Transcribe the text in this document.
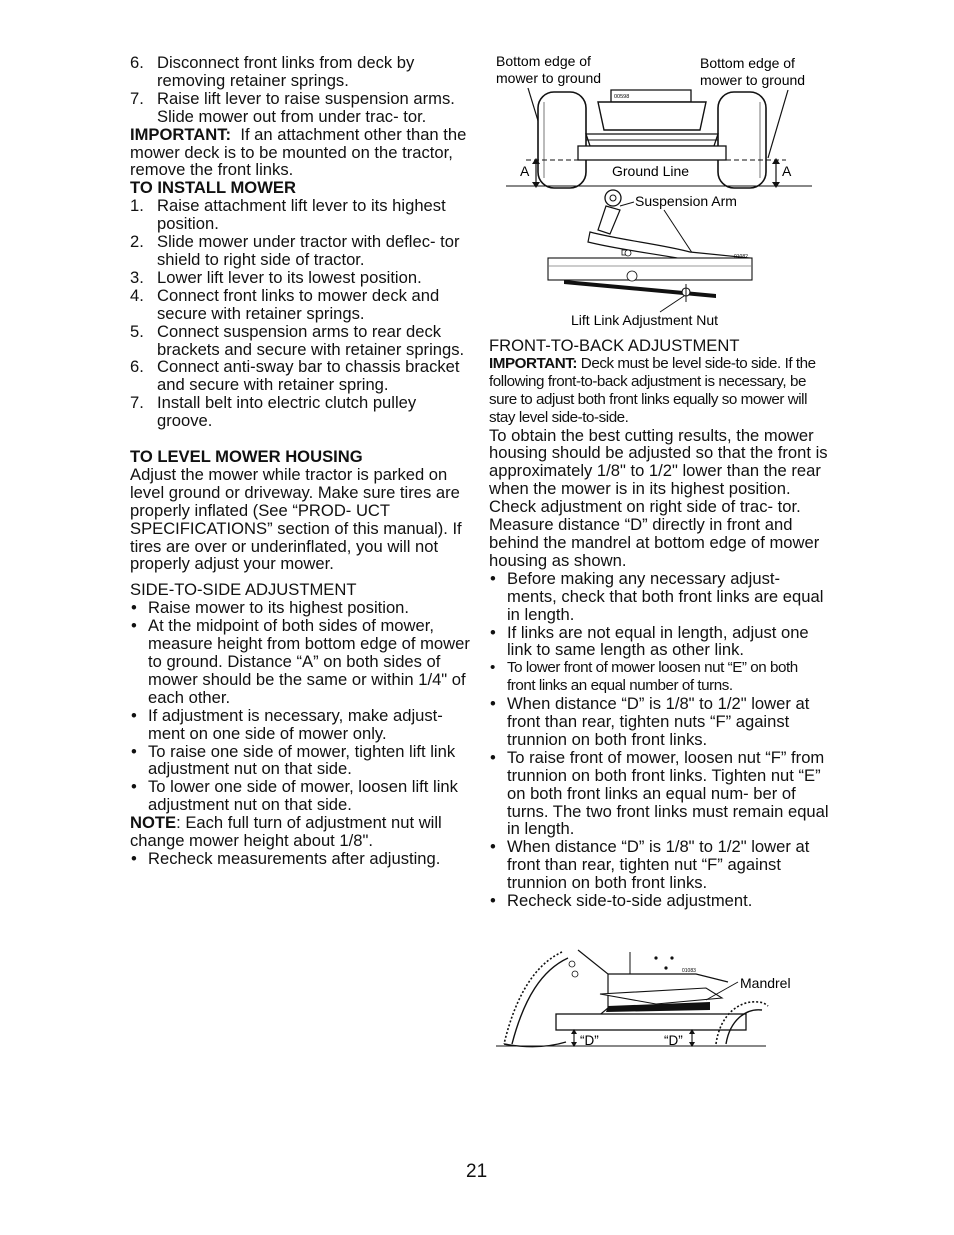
6. Disconnect front links from deck by removing retainer springs.
7. Raise lift lever to raise suspension arms. Slide mower out from under trac- tor.

IMPORTANT: If an attachment other than the mower deck is to be mounted on the tractor, remove the front links.

TO INSTALL MOWER
1. Raise attachment lift lever to its highest position.
2. Slide mower under tractor with deflec- tor shield to right side of tractor.
3. Lower lift lever to its lowest position.
4. Connect front links to mower deck and secure with retainer springs.
5. Connect suspension arms to rear deck brackets and secure with retainer springs.
6. Connect anti-sway bar to chassis bracket and secure with retainer spring.
7. Install belt into electric clutch pulley groove.
TO LEVEL MOWER HOUSING

Adjust the mower while tractor is parked on level ground or driveway. Make sure tires are properly inflated (See “PROD- UCT SPECIFICATIONS” section of this manual). If tires are over or underinflated, you will not properly adjust your mower.

SIDE-TO-SIDE ADJUSTMENT

• Raise mower to its highest position.
• At the midpoint of both sides of mower, measure height from bottom edge of mower to ground. Distance “A” on both sides of mower should be the same or within 1/4" of each other.
• If adjustment is necessary, make adjust- ment on one side of mower only.
• To raise one side of mower, tighten lift link adjustment nut on that side.
• To lower one side of mower, loosen lift link adjustment nut on that side.

NOTE: Each full turn of adjustment nut will change mower height about 1/8".

• Recheck measurements after adjusting.

FRONT-TO-BACK ADJUSTMENT

IMPORTANT: Deck must be level side-to side. If the following front-to-back adjustment is necessary, be sure to adjust both front links equally so mower will stay level side-to-side.

To obtain the best cutting results, the mower housing should be adjusted so that the front is approximately 1/8" to 1/2" lower than the rear when the mower is in its highest position.

Check adjustment on right side of trac- tor. Measure distance “D” directly in front and behind the mandrel at bottom edge of mower housing as shown.

• Before making any necessary adjust- ments, check that both front links are equal in length.
• If links are not equal in length, adjust one link to same length as other link.
• To lower front of mower loosen nut “E” on both front links an equal number of turns.
• When distance “D” is 1/8" to 1/2" lower at front than rear, tighten nuts “F” against trunnion on both front links.
• To raise front of mower, loosen nut “F” from trunnion on both front links. Tighten nut “E” on both front links an equal num- ber of turns. The two front links must remain equal in length.
• When distance “D” is 1/8" to 1/2" lower at front than rear, tighten nut “F” against trunnion on both front links.
• Recheck side-to-side adjustment.
Bottom edge of
mower to ground
Bottom edge of
mower to ground
00598
A	A
Ground Line
Suspension Arm
01082
Lift Link Adjustment Nut
01083
“D”	“D”
Mandrel
21
